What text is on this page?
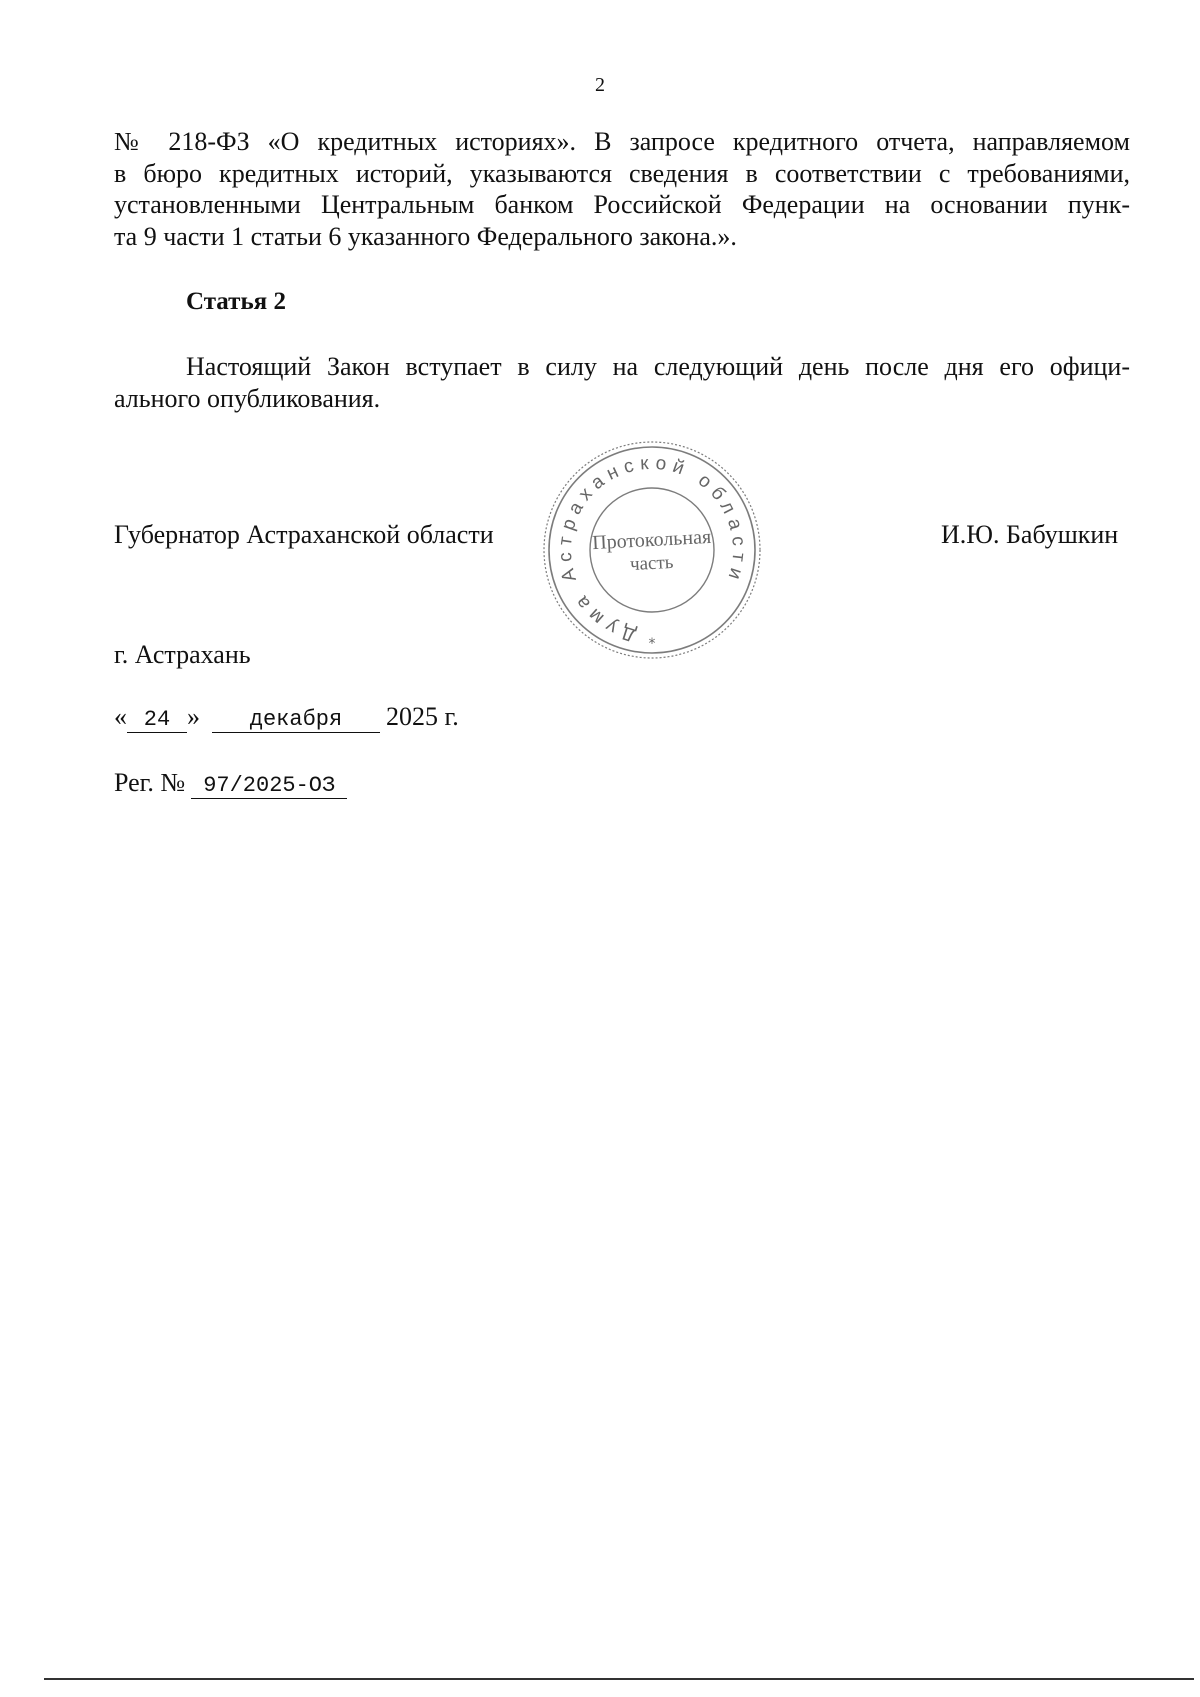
2
№ 218-ФЗ «О кредитных историях». В запросе кредитного отчета, направляемом
в бюро кредитных историй, указываются сведения в соответствии с требованиями,
установленными Центральным банком Российской Федерации на основании пунк-
та 9 части 1 статьи 6 указанного Федерального закона.».
Статья 2
Настоящий Закон вступает в силу на следующий день после дня его офици-
ального опубликования.
Губернатор Астраханской области	И.Ю. Бабушкин
Дума Астраханской области
Протокольная
часть
*
г. Астрахань
« 24 » декабря 2025 г.
Рег. № 97/2025-ОЗ
